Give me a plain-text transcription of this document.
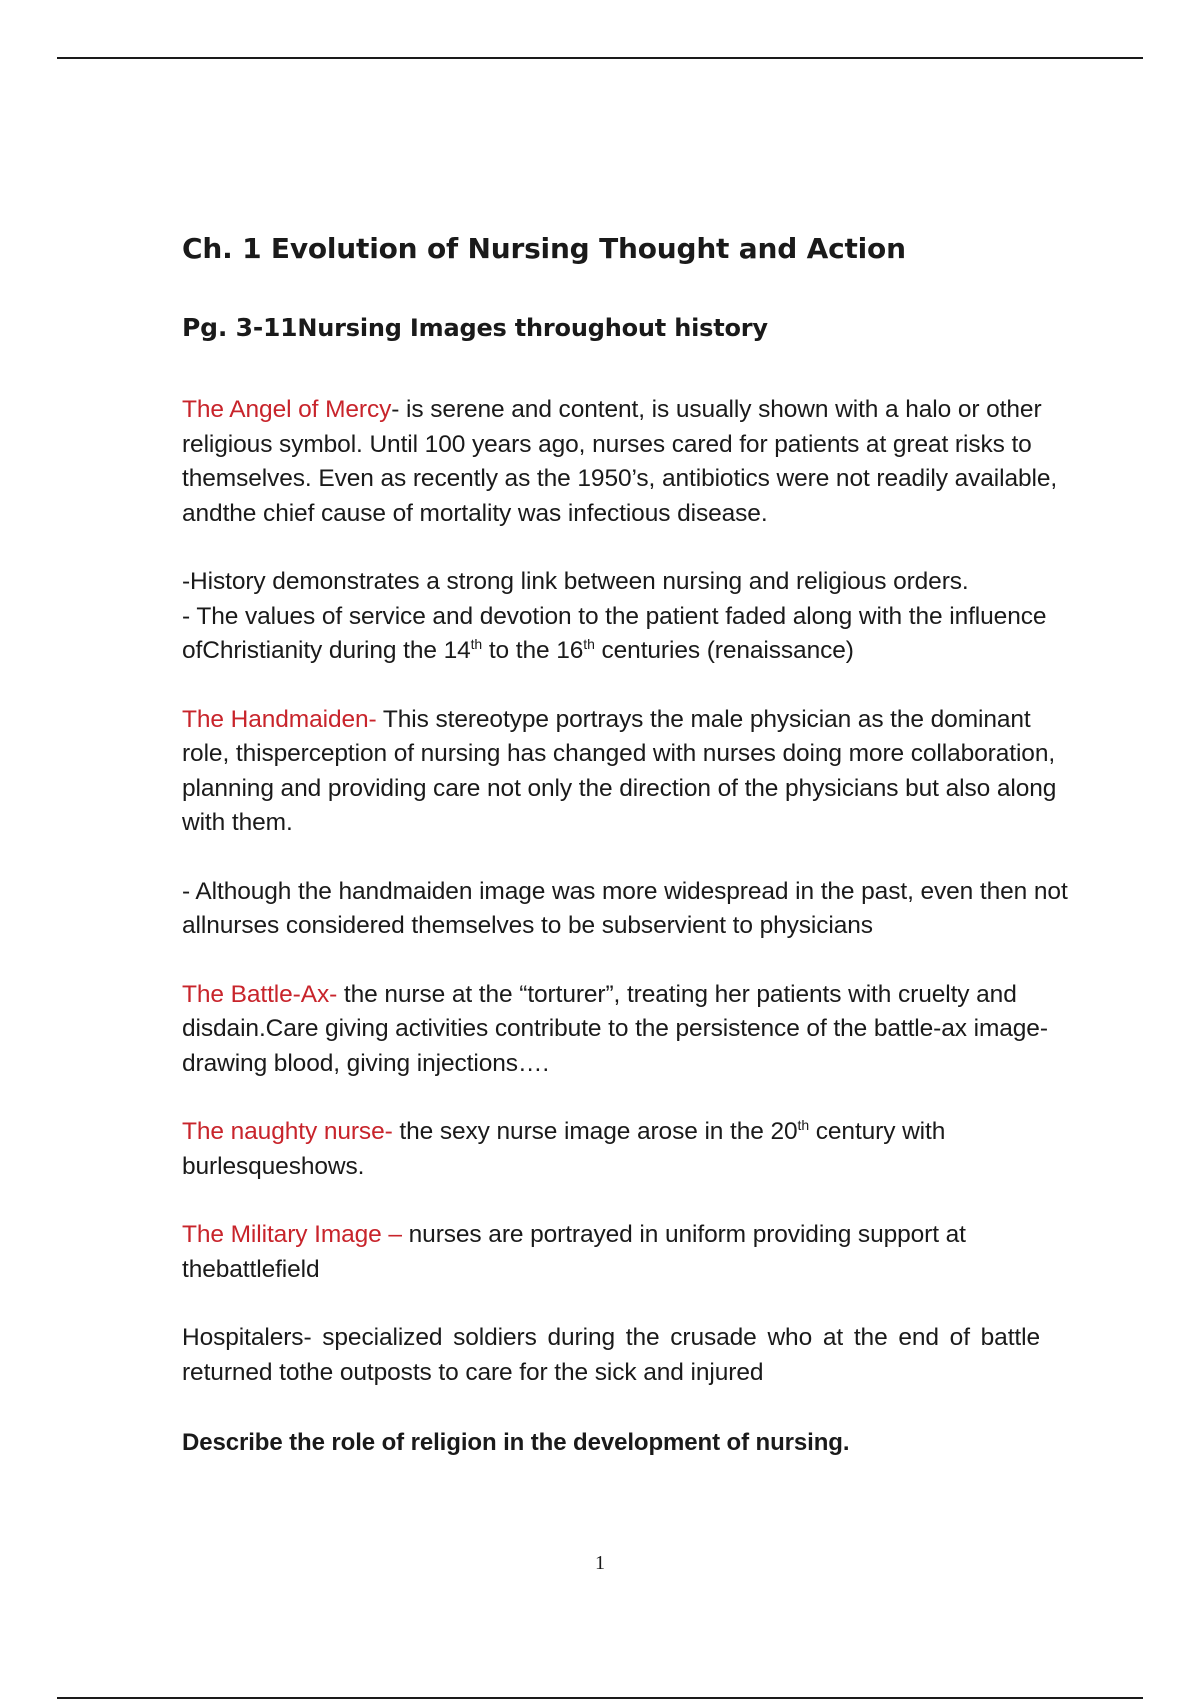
Ch. 1 Evolution of Nursing Thought and Action
Pg. 3-11Nursing Images throughout history

The Angel of Mercy- is serene and content, is usually shown with a halo or other religious symbol. Until 100 years ago, nurses cared for patients at great risks to themselves. Even as recently as the 1950’s, antibiotics were not readily available, andthe chief cause of mortality was infectious disease.

-History demonstrates a strong link between nursing and religious orders.

- The values of service and devotion to the patient faded along with the influence ofChristianity during the 14th to the 16th centuries (renaissance)

The Handmaiden- This stereotype portrays the male physician as the dominant role, thisperception of nursing has changed with nurses doing more collaboration, planning and providing care not only the direction of the physicians but also along with them.

- Although the handmaiden image was more widespread in the past, even then not allnurses considered themselves to be subservient to physicians

The Battle-Ax- the nurse at the “torturer”, treating her patients with cruelty and disdain.Care giving activities contribute to the persistence of the battle-ax image- drawing blood, giving injections….

The naughty nurse- the sexy nurse image arose in the 20th century with burlesqueshows.

The Military Image – nurses are portrayed in uniform providing support at thebattlefield

Hospitalers- specialized soldiers during the crusade who at the end of battle returned tothe outposts to care for the sick and injured

Describe the role of religion in the development of nursing.

1
